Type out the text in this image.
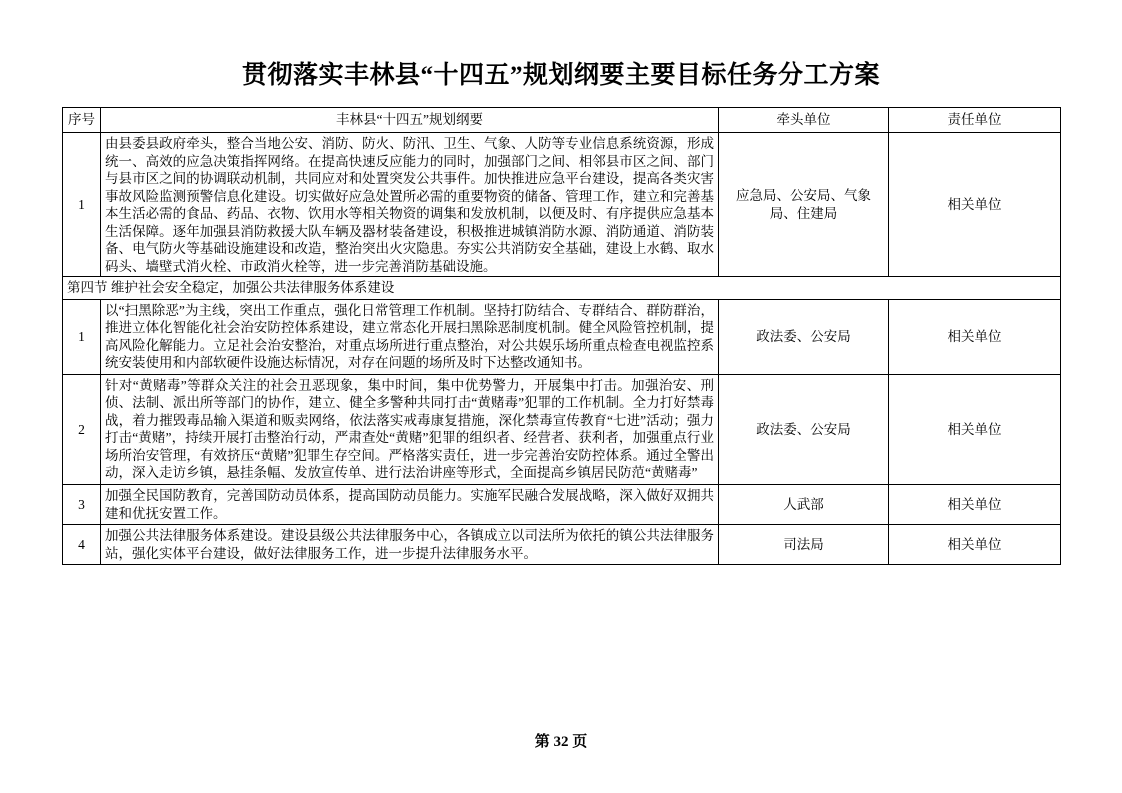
贯彻落实丰林县“十四五”规划纲要主要目标任务分工方案
序号	丰林县“十四五”规划纲要	牵头单位	责任单位
1	由县委县政府牵头，整合当地公安、消防、防火、防汛、卫生、气象、人防等专业信息系统资源，形成统一、高效的应急决策指挥网络。在提高快速反应能力的同时，加强部门之间、相邻县市区之间、部门与县市区之间的协调联动机制，共同应对和处置突发公共事件。加快推进应急平台建设，提高各类灾害事故风险监测预警信息化建设。切实做好应急处置所必需的重要物资的储备、管理工作，建立和完善基本生活必需的食品、药品、衣物、饮用水等相关物资的调集和发放机制，以便及时、有序提供应急基本生活保障。逐年加强县消防救援大队车辆及器材装备建设，积极推进城镇消防水源、消防通道、消防装备、电气防火等基础设施建设和改造，整治突出火灾隐患。夯实公共消防安全基础，建设上水鹤、取水码头、墙壁式消火栓、市政消火栓等，进一步完善消防基础设施。	应急局、公安局、气象局、住建局	相关单位
第四节 维护社会安全稳定，加强公共法律服务体系建设			
1	以“扫黑除恶”为主线，突出工作重点，强化日常管理工作机制。坚持打防结合、专群结合、群防群治，推进立体化智能化社会治安防控体系建设，建立常态化开展扫黑除恶制度机制。健全风险管控机制，提高风险化解能力。立足社会治安整治，对重点场所进行重点整治，对公共娱乐场所重点检查电视监控系统安装使用和内部软硬件设施达标情况，对存在问题的场所及时下达整改通知书。	政法委、公安局	相关单位
2	针对“黄赌毒”等群众关注的社会丑恶现象，集中时间，集中优势警力，开展集中打击。加强治安、刑侦、法制、派出所等部门的协作，建立、健全多警种共同打击“黄赌毒”犯罪的工作机制。全力打好禁毒战，着力摧毁毒品输入渠道和贩卖网络，依法落实戒毒康复措施，深化禁毒宣传教育“七进”活动；强力打击“黄赌”，持续开展打击整治行动，严肃查处“黄赌”犯罪的组织者、经营者、获利者，加强重点行业场所治安管理，有效挤压“黄赌”犯罪生存空间。严格落实责任，进一步完善治安防控体系。通过全警出动，深入走访乡镇，悬挂条幅、发放宣传单、进行法治讲座等形式，全面提高乡镇居民防范“黄赌毒”	政法委、公安局	相关单位
3	加强全民国防教育，完善国防动员体系，提高国防动员能力。实施军民融合发展战略，深入做好双拥共建和优抚安置工作。	人武部	相关单位
4	加强公共法律服务体系建设。建设县级公共法律服务中心，各镇成立以司法所为依托的镇公共法律服务站，强化实体平台建设，做好法律服务工作，进一步提升法律服务水平。	司法局	相关单位
第 32 页
